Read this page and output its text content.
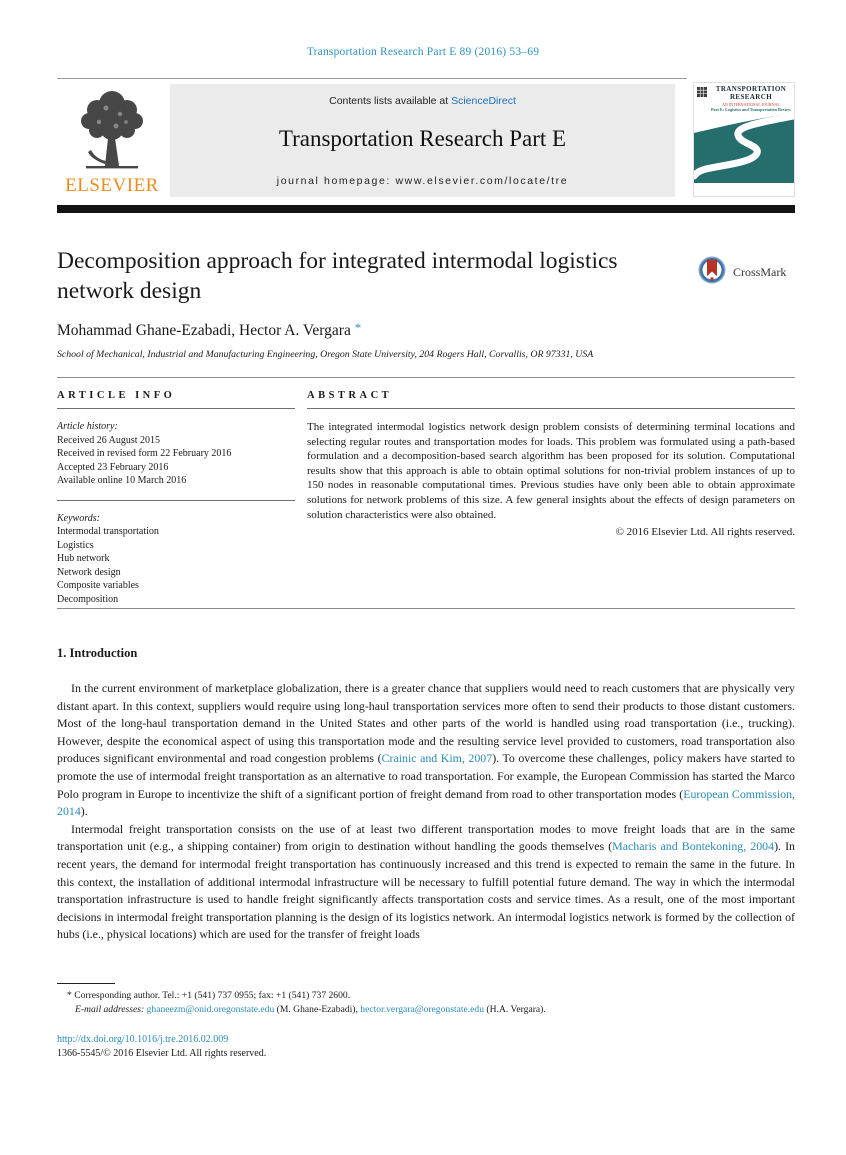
Transportation Research Part E 89 (2016) 53–69
ELSEVIER
Contents lists available at ScienceDirect
Transportation Research Part E
journal homepage: www.elsevier.com/locate/tre
TRANSPORTATION
RESEARCH
AN INTERNATIONAL JOURNAL
Part E: Logistics and Transportation Review
Decomposition approach for integrated intermodal logistics network design
CrossMark
Mohammad Ghane-Ezabadi, Hector A. Vergara *
School of Mechanical, Industrial and Manufacturing Engineering, Oregon State University, 204 Rogers Hall, Corvallis, OR 97331, USA
ARTICLE INFO

Article history:

Received 26 August 2015
Received in revised form 22 February 2016
Accepted 23 February 2016
Available online 10 March 2016

Keywords:

Intermodal transportation
Logistics
Hub network
Network design
Composite variables
Decomposition
ABSTRACT

The integrated intermodal logistics network design problem consists of determining terminal locations and selecting regular routes and transportation modes for loads. This problem was formulated using a path-based formulation and a decomposition-based search algorithm has been proposed for its solution. Computational results show that this approach is able to obtain optimal solutions for non-trivial problem instances of up to 150 nodes in reasonable computational times. Previous studies have only been able to obtain approximate solutions for network problems of this size. A few general insights about the effects of design parameters on solution characteristics were also obtained.

© 2016 Elsevier Ltd. All rights reserved.
1. Introduction

In the current environment of marketplace globalization, there is a greater chance that suppliers would need to reach customers that are physically very distant apart. In this context, suppliers would require using long-haul transportation services more often to send their products to those distant customers. Most of the long-haul transportation demand in the United States and other parts of the world is handled using road transportation (i.e., trucking). However, despite the economical aspect of using this transportation mode and the resulting service level provided to customers, road transportation also produces significant environmental and road congestion problems (Crainic and Kim, 2007). To overcome these challenges, policy makers have started to promote the use of intermodal freight transportation as an alternative to road transportation. For example, the European Commission has started the Marco Polo program in Europe to incentivize the shift of a significant portion of freight demand from road to other transportation modes (European Commission, 2014).

Intermodal freight transportation consists on the use of at least two different transportation modes to move freight loads that are in the same transportation unit (e.g., a shipping container) from origin to destination without handling the goods themselves (Macharis and Bontekoning, 2004). In recent years, the demand for intermodal freight transportation has continuously increased and this trend is expected to remain the same in the future. In this context, the installation of additional intermodal infrastructure will be necessary to fulfill potential future demand. The way in which the intermodal transportation infrastructure is used to handle freight significantly affects transportation costs and service times. As a result, one of the most important decisions in intermodal freight transportation planning is the design of its logistics network. An intermodal logistics network is formed by the collection of hubs (i.e., physical locations) which are used for the transfer of freight loads

* Corresponding author. Tel.: +1 (541) 737 0955; fax: +1 (541) 737 2600.
E-mail addresses: ghaneezm@onid.oregonstate.edu (M. Ghane-Ezabadi), hector.vergara@oregonstate.edu (H.A. Vergara).
http://dx.doi.org/10.1016/j.tre.2016.02.009
1366-5545/© 2016 Elsevier Ltd. All rights reserved.
